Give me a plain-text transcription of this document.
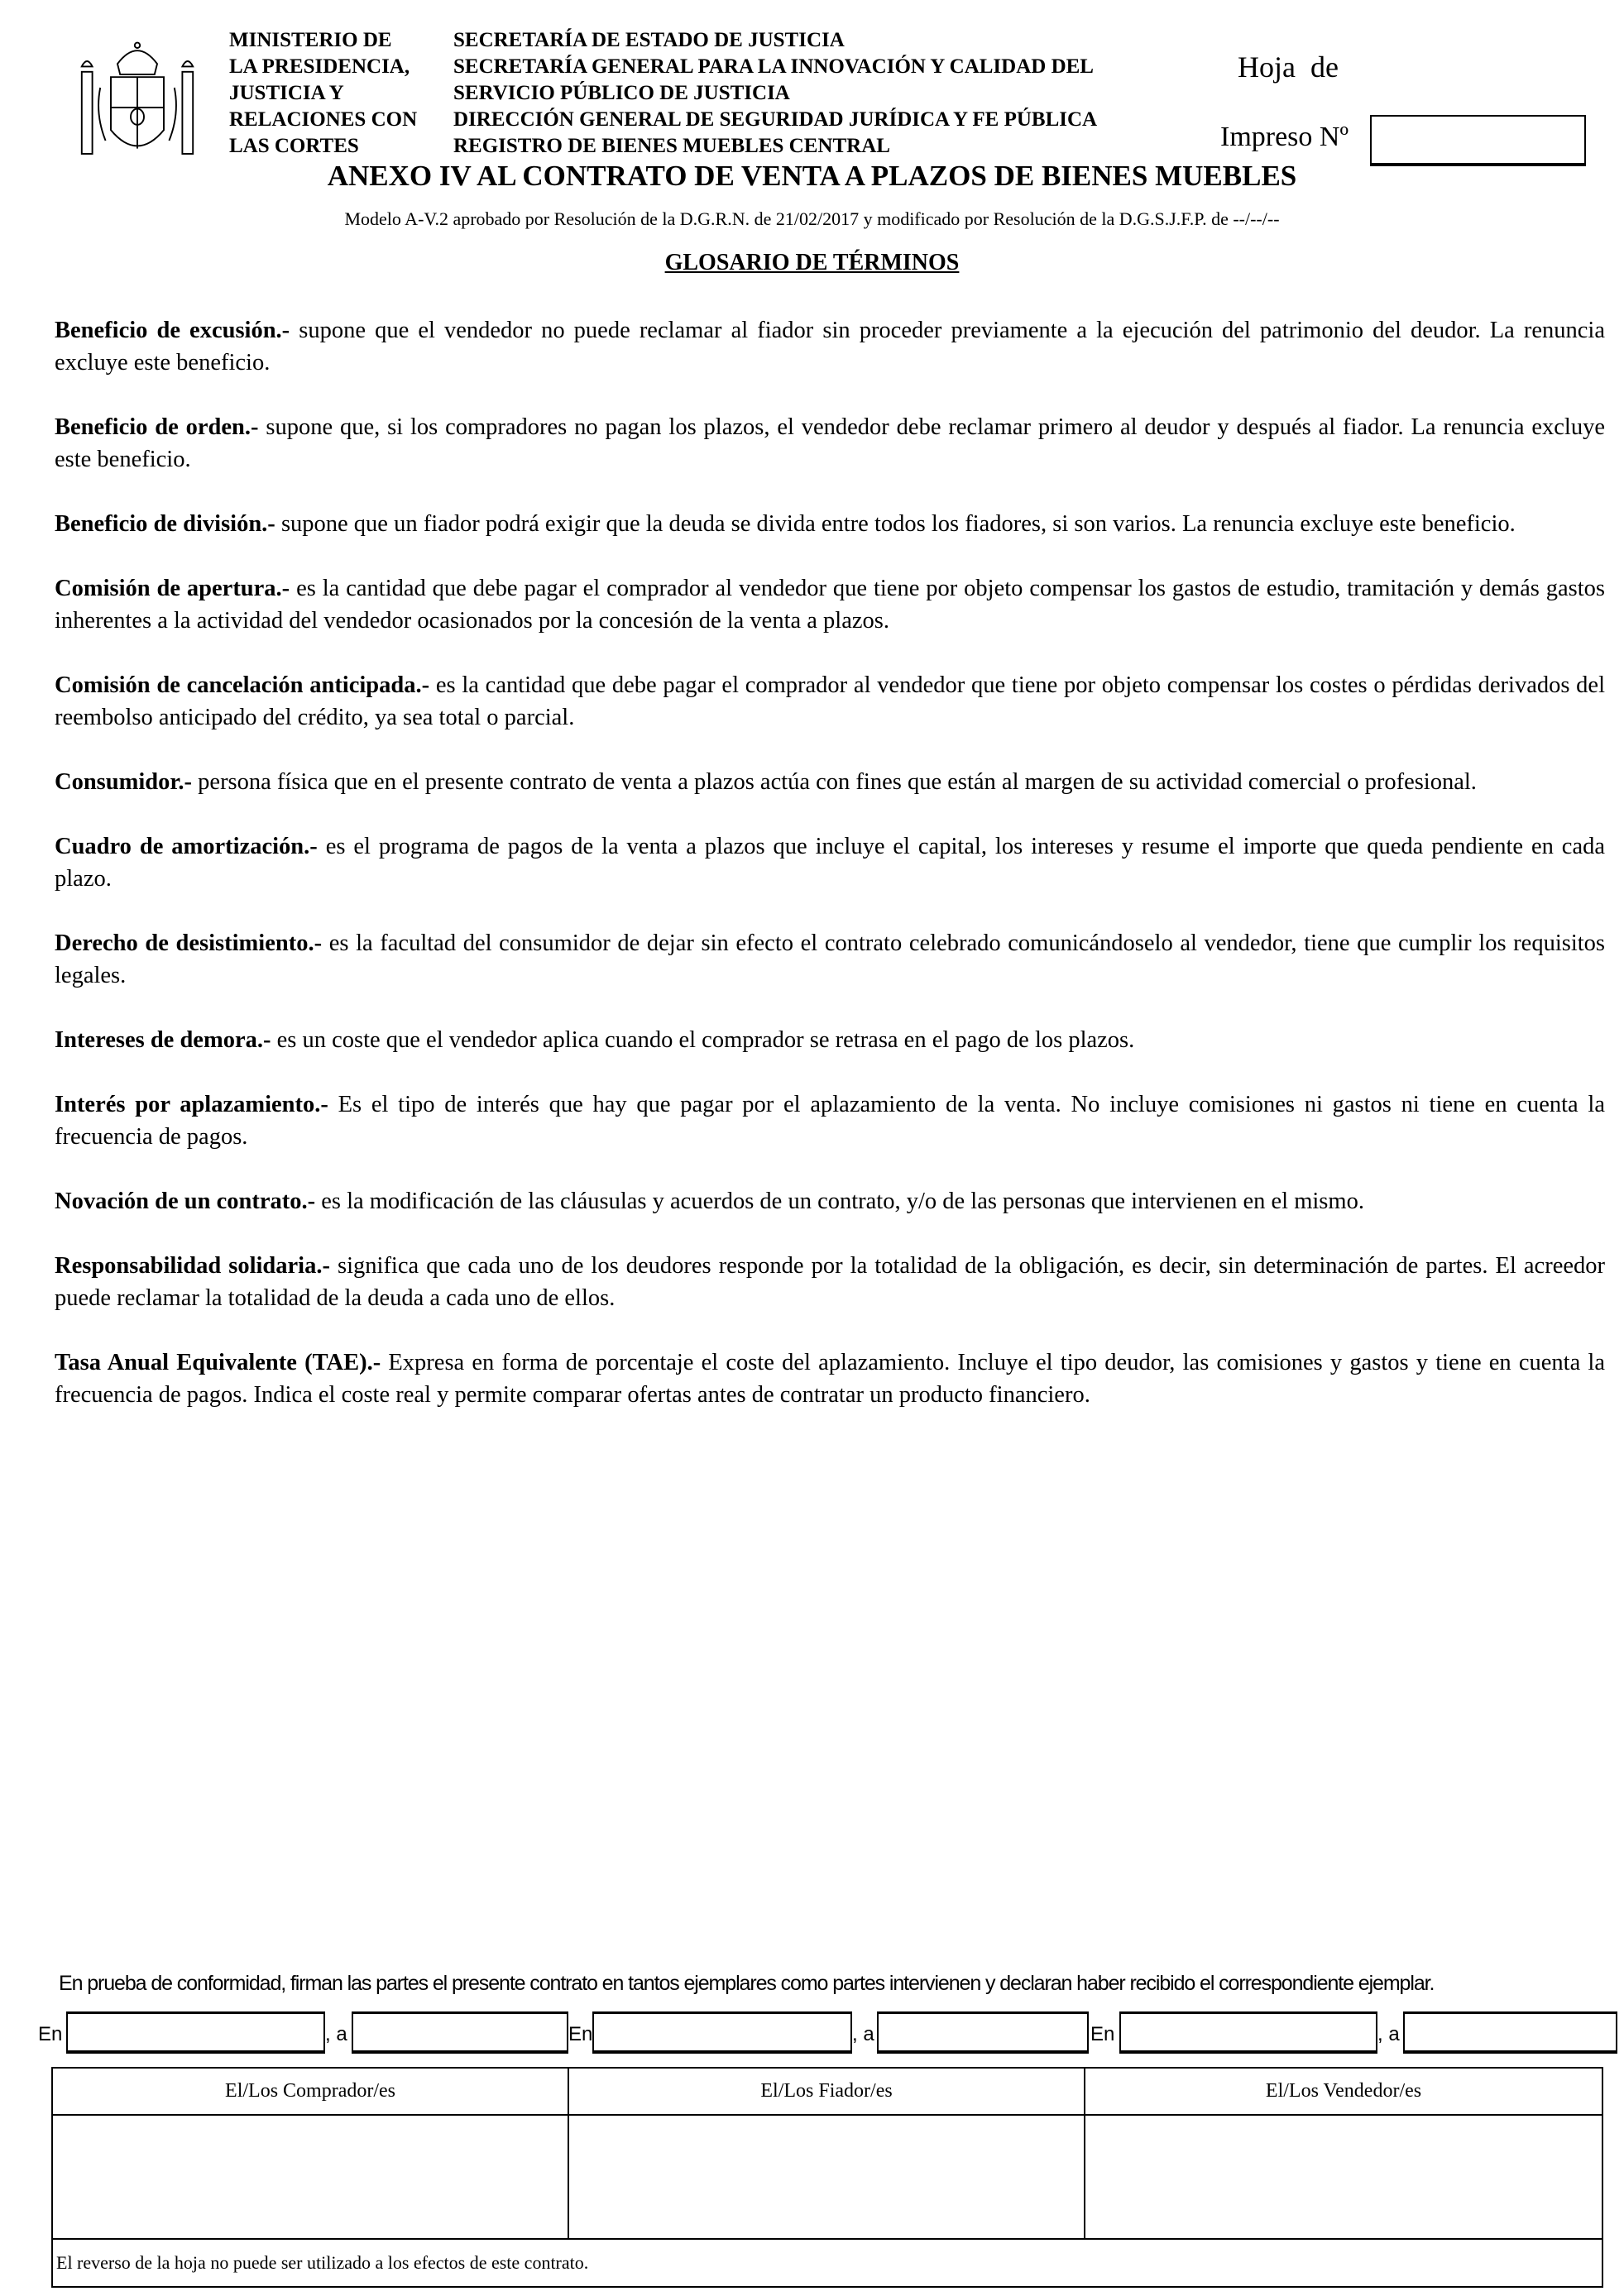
MINISTERIO DE
LA PRESIDENCIA,
JUSTICIA Y
RELACIONES CON
LAS CORTES
SECRETARÍA DE ESTADO DE JUSTICIA
SECRETARÍA GENERAL PARA LA INNOVACIÓN Y CALIDAD DEL
SERVICIO PÚBLICO DE JUSTICIA
DIRECCIÓN GENERAL DE SEGURIDAD JURÍDICA Y FE PÚBLICA
REGISTRO DE BIENES MUEBLES CENTRAL
Hoja  de
Impreso Nº
ANEXO IV AL CONTRATO DE VENTA A PLAZOS DE BIENES MUEBLES
Modelo A-V.2 aprobado por Resolución de la D.G.R.N. de 21/02/2017 y modificado por Resolución de la D.G.S.J.F.P. de --/--/--
GLOSARIO DE TÉRMINOS

Beneficio de excusión.- supone que el vendedor no puede reclamar al fiador sin proceder previamente a la ejecución del patrimonio del deudor. La renuncia excluye este beneficio.

Beneficio de orden.- supone que, si los compradores no pagan los plazos, el vendedor debe reclamar primero al deudor y después al fiador. La renuncia excluye este beneficio.

Beneficio de división.- supone que un fiador podrá exigir que la deuda se divida entre todos los fiadores, si son varios. La renuncia excluye este beneficio.

Comisión de apertura.- es la cantidad que debe pagar el comprador al vendedor que tiene por objeto compensar los gastos de estudio, tramitación y demás gastos inherentes a la actividad del vendedor ocasionados por la concesión de la venta a plazos.

Comisión de cancelación anticipada.- es la cantidad que debe pagar el comprador al vendedor que tiene por objeto compensar los costes o pérdidas derivados del reembolso anticipado del crédito, ya sea total o parcial.

Consumidor.- persona física que en el presente contrato de venta a plazos actúa con fines que están al margen de su actividad comercial o profesional.

Cuadro de amortización.- es el programa de pagos de la venta a plazos que incluye el capital, los intereses y resume el importe que queda pendiente en cada plazo.

Derecho de desistimiento.- es la facultad del consumidor de dejar sin efecto el contrato celebrado comunicándoselo al vendedor, tiene que cumplir los requisitos legales.

Intereses de demora.- es un coste que el vendedor aplica cuando el comprador se retrasa en el pago de los plazos.

Interés por aplazamiento.- Es el tipo de interés que hay que pagar por el aplazamiento de la venta. No incluye comisiones ni gastos ni tiene en cuenta la frecuencia de pagos.

Novación de un contrato.- es la modificación de las cláusulas y acuerdos de un contrato, y/o de las personas que intervienen en el mismo.

Responsabilidad solidaria.- significa que cada uno de los deudores responde por la totalidad de la obligación, es decir, sin determinación de partes. El acreedor puede reclamar la totalidad de la deuda a cada uno de ellos.

Tasa Anual Equivalente (TAE).- Expresa en forma de porcentaje el coste del aplazamiento. Incluye el tipo deudor, las comisiones y gastos y tiene en cuenta la frecuencia de pagos. Indica el coste real y permite comparar ofertas antes de contratar un producto financiero.

En prueba de conformidad, firman las partes el presente contrato en tantos ejemplares como partes intervienen y declaran haber recibido el correspondiente ejemplar.
En	, a	En	, a	En	, a
El/Los Comprador/es	El/Los Fiador/es	El/Los Vendedor/es

El reverso de la hoja no puede ser utilizado a los efectos de este contrato.		
